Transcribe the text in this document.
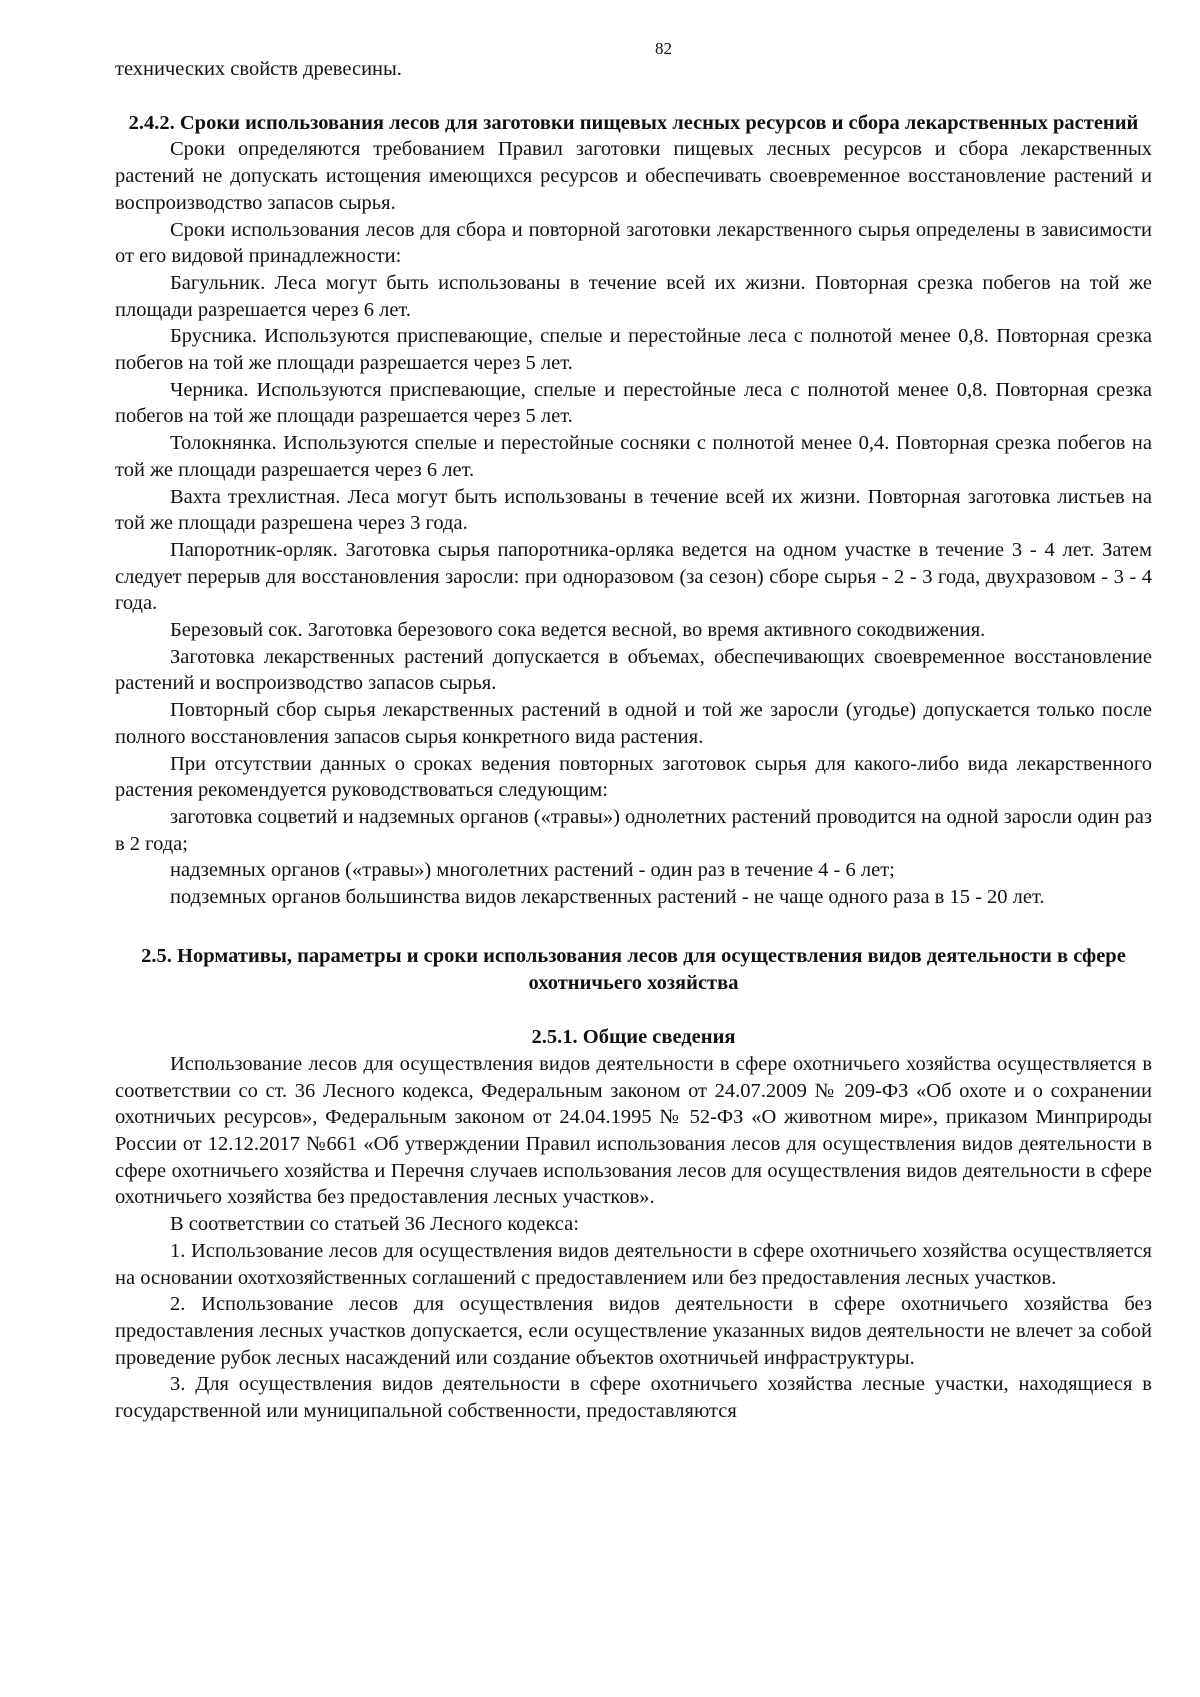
82

технических свойств древесины.

2.4.2. Сроки использования лесов для заготовки пищевых лесных ресурсов и сбора лекарственных растений

Сроки определяются требованием Правил заготовки пищевых лесных ресурсов и сбора лекарственных растений не допускать истощения имеющихся ресурсов и обеспечивать своевременное восстановление растений и воспроизводство запасов сырья.

Сроки использования лесов для сбора и повторной заготовки лекарственного сырья определены в зависимости от его видовой принадлежности:

Багульник. Леса могут быть использованы в течение всей их жизни. Повторная срезка побегов на той же площади разрешается через 6 лет.

Брусника. Используются приспевающие, спелые и перестойные леса с полнотой менее 0,8. Повторная срезка побегов на той же площади разрешается через 5 лет.

Черника. Используются приспевающие, спелые и перестойные леса с полнотой менее 0,8. Повторная срезка побегов на той же площади разрешается через 5 лет.

Толокнянка. Используются спелые и перестойные сосняки с полнотой менее 0,4. Повторная срезка побегов на той же площади разрешается через 6 лет.

Вахта трехлистная. Леса могут быть использованы в течение всей их жизни. Повторная заготовка листьев на той же площади разрешена через 3 года.

Папоротник-орляк. Заготовка сырья папоротника-орляка ведется на одном участке в течение 3 - 4 лет. Затем следует перерыв для восстановления заросли: при одноразовом (за сезон) сборе сырья - 2 - 3 года, двухразовом - 3 - 4 года.

Березовый сок. Заготовка березового сока ведется весной, во время активного сокодвижения.

Заготовка лекарственных растений допускается в объемах, обеспечивающих своевременное восстановление растений и воспроизводство запасов сырья.

Повторный сбор сырья лекарственных растений в одной и той же заросли (угодье) допускается только после полного восстановления запасов сырья конкретного вида растения.

При отсутствии данных о сроках ведения повторных заготовок сырья для какого-либо вида лекарственного растения рекомендуется руководствоваться следующим:

заготовка соцветий и надземных органов («травы») однолетних растений проводится на одной заросли один раз в 2 года;

надземных органов («травы») многолетних растений - один раз в течение 4 - 6 лет;

подземных органов большинства видов лекарственных растений - не чаще одного раза в 15 - 20 лет.

2.5. Нормативы, параметры и сроки использования лесов для осуществления видов деятельности в сфере охотничьего хозяйства
2.5.1. Общие сведения

Использование лесов для осуществления видов деятельности в сфере охотничьего хозяйства осуществляется в соответствии со ст. 36 Лесного кодекса, Федеральным законом от 24.07.2009 № 209-ФЗ «Об охоте и о сохранении охотничьих ресурсов», Федеральным законом от 24.04.1995 № 52-ФЗ «О животном мире», приказом Минприроды России от 12.12.2017 №661 «Об утверждении Правил использования лесов для осуществления видов деятельности в сфере охотничьего хозяйства и Перечня случаев использования лесов для осуществления видов деятельности в сфере охотничьего хозяйства без предоставления лесных участков».

В соответствии со статьей 36 Лесного кодекса:

1. Использование лесов для осуществления видов деятельности в сфере охотничьего хозяйства осуществляется на основании охотхозяйственных соглашений с предоставлением или без предоставления лесных участков.

2. Использование лесов для осуществления видов деятельности в сфере охотничьего хозяйства без предоставления лесных участков допускается, если осуществление указанных видов деятельности не влечет за собой проведение рубок лесных насаждений или создание объектов охотничьей инфраструктуры.

3. Для осуществления видов деятельности в сфере охотничьего хозяйства лесные участки, находящиеся в государственной или муниципальной собственности, предоставляются
